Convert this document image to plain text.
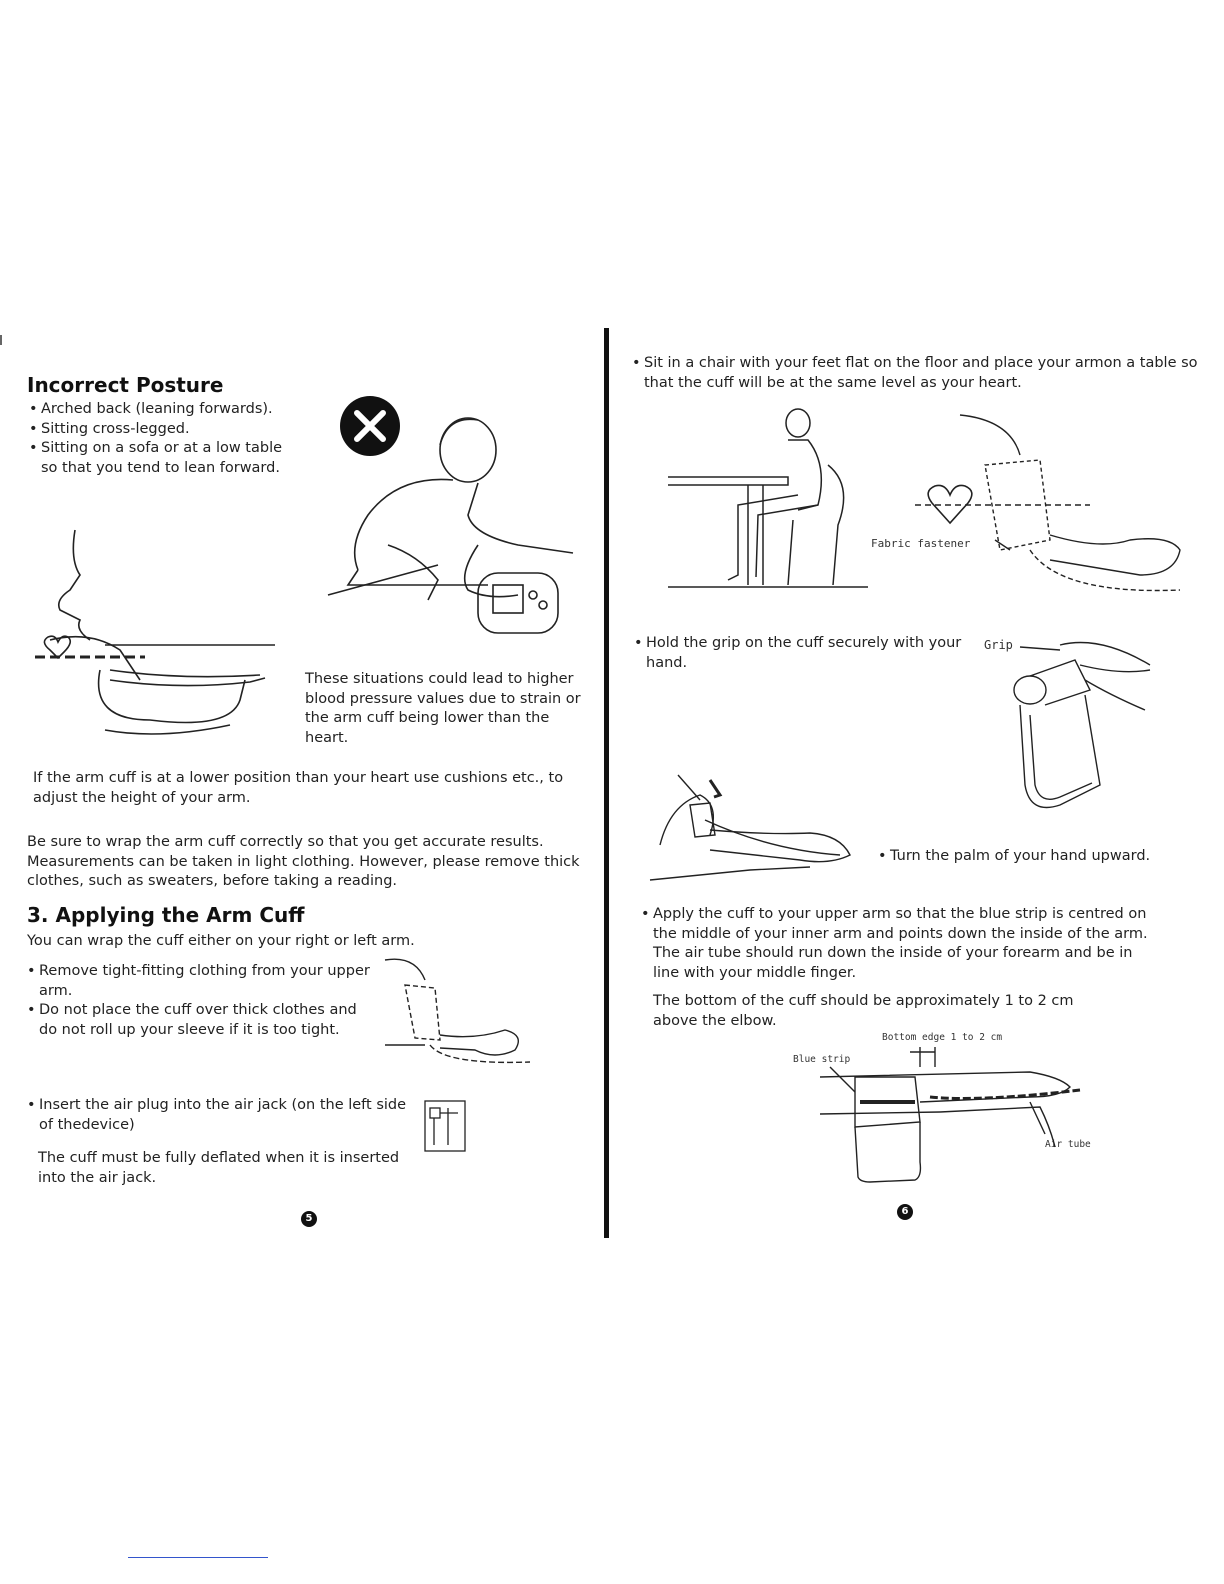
Incorrect Posture
• Arched back (leaning forwards).
• Sitting cross-legged.
• Sitting on a sofa or at a low table so that you tend to lean forward.
These situations could lead to higher blood pressure values due to strain or the arm cuff being lower than the heart.
If the arm cuff is at a lower position than your heart use cushions etc., to adjust the height of your arm.
Be sure to wrap the arm cuff correctly so that you get accurate results. Measurements can be taken in light clothing. However, please remove thick clothes, such as sweaters, before taking a reading.
3. Applying the Arm Cuff
You can wrap the cuff either on your right or left arm.
• Remove tight-fitting clothing from your upper arm.
• Do not place the cuff over thick clothes and do not roll up your sleeve if it is too tight.
• Insert the air plug into the air jack (on the left side of thedevice)
The cuff must be fully deflated when it is inserted into the air jack.
5
• Sit in a chair with your feet flat on the floor and place your armon a table so that the cuff will be at the same level as your heart.
Fabric fastener
• Hold the grip on the cuff securely with your hand.
Grip
• Turn the palm of your hand upward.
• Apply the cuff to your upper arm so that the blue strip is centred on the middle of your inner arm and points down the inside of the arm. The air tube should run down the inside of your forearm and be in line with your middle finger.
The bottom of the cuff should be approximately 1 to 2 cm above the elbow.
Bottom edge 1 to 2 cm
Blue strip
Air tube
6
